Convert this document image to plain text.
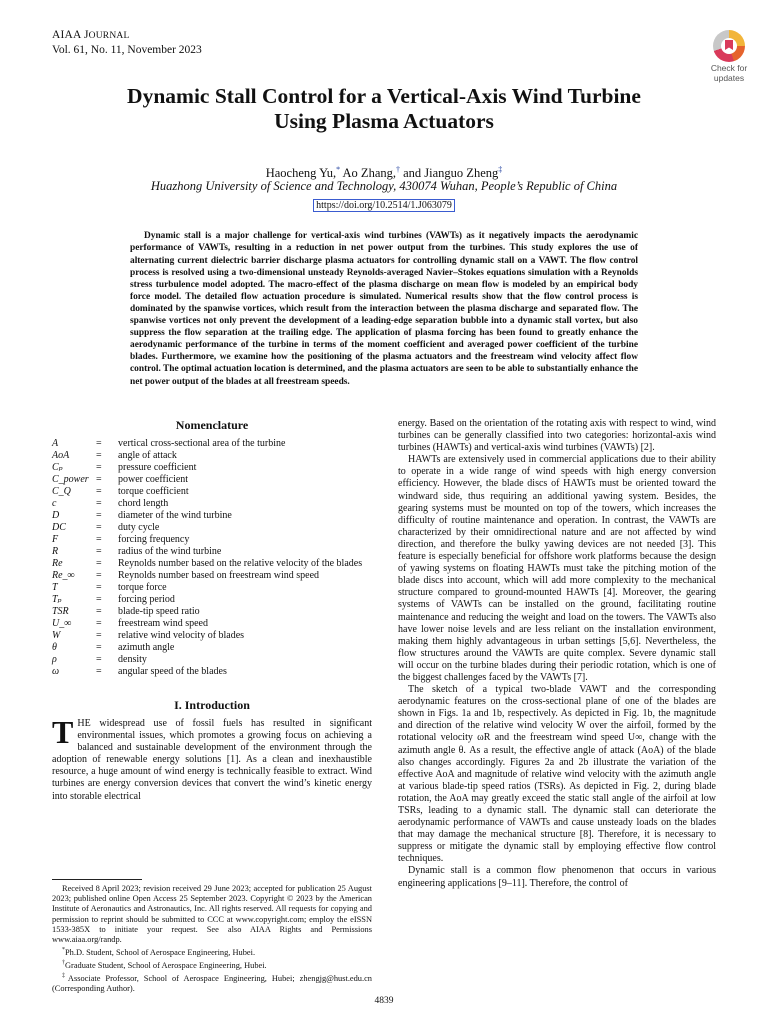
AIAA JOURNAL
Vol. 61, No. 11, November 2023
Check for
updates
Dynamic Stall Control for a Vertical-Axis Wind Turbine
Using Plasma Actuators
Haocheng Yu,* Ao Zhang,† and Jianguo Zheng‡
Huazhong University of Science and Technology, 430074 Wuhan, People’s Republic of China
https://doi.org/10.2514/1.J063079

Dynamic stall is a major challenge for vertical-axis wind turbines (VAWTs) as it negatively impacts the aerodynamic performance of VAWTs, resulting in a reduction in net power output from the turbines. This study explores the use of alternating current dielectric barrier discharge plasma actuators for controlling dynamic stall on a VAWT. The flow control process is resolved using a two-dimensional unsteady Reynolds-averaged Navier–Stokes equations simulation with a Reynolds stress turbulence model adopted. The macro-effect of the plasma discharge on mean flow is modeled by an empirical body force model. The detailed flow actuation procedure is simulated. Numerical results show that the flow control process is dominated by the spanwise vortices, which result from the interaction between the plasma discharge and separated flow. The spanwise vortices not only prevent the development of a leading-edge separation bubble into a dynamic stall vortex, but also suppress the flow separation at the trailing edge. The application of plasma forcing has been found to greatly enhance the aerodynamic performance of the turbine in terms of the moment coefficient and averaged power coefficient of the turbine blades. Furthermore, we examine how the positioning of the plasma actuators and the freestream wind velocity affect flow control. The optimal actuation location is determined, and the plasma actuators are seen to be able to substantially enhance the net power output of the blades at all freestream speeds.

Nomenclature
A	=	vertical cross-sectional area of the turbine
AoA	=	angle of attack
Cₚ	=	pressure coefficient
C_power =	power coefficient
C_Q	=	torque coefficient
c	=	chord length
D	=	diameter of the wind turbine
DC	=	duty cycle
F	=	forcing frequency
R	=	radius of the wind turbine
Re	=	Reynolds number based on the relative velocity of the blades
Re_∞	=	Reynolds number based on freestream wind speed
T	=	torque force
Tₚ	=	forcing period
TSR	=	blade-tip speed ratio
U_∞	=	freestream wind speed
W	=	relative wind velocity of blades
θ	=	azimuth angle
ρ	=	density
ω	=	angular speed of the blades
I. Introduction

THE widespread use of fossil fuels has resulted in significant environmental issues, which promotes a growing focus on achieving a balanced and sustainable development of the environment through the adoption of renewable energy solutions [1]. As a clean and inexhaustible resource, a huge amount of wind energy is technically feasible to extract. Wind turbines are energy conversion devices that convert the wind’s kinetic energy into storable electrical

Received 8 April 2023; revision received 29 June 2023; accepted for publication 25 August 2023; published online Open Access 25 September 2023. Copyright © 2023 by the American Institute of Aeronautics and Astronautics, Inc. All rights reserved. All requests for copying and permission to reprint should be submitted to CCC at www.copyright.com; employ the eISSN 1533-385X to initiate your request. See also AIAA Rights and Permissions www.aiaa.org/randp.

*Ph.D. Student, School of Aerospace Engineering, Hubei.

†Graduate Student, School of Aerospace Engineering, Hubei.

‡Associate Professor, School of Aerospace Engineering, Hubei; zhengjg@hust.edu.cn (Corresponding Author).

energy. Based on the orientation of the rotating axis with respect to wind, wind turbines can be generally classified into two categories: horizontal-axis wind turbines (HAWTs) and vertical-axis wind turbines (VAWTs) [2].

HAWTs are extensively used in commercial applications due to their ability to operate in a wide range of wind speeds with high energy conversion efficiency. However, the blade discs of HAWTs must be oriented toward the windward side, thus requiring an additional yawing system. Besides, the gearing systems must be mounted on top of the towers, which increases the difficulty of routine maintenance and operation. In contrast, the VAWTs are characterized by their omnidirectional nature and are not affected by wind direction, and therefore the bulky yawing devices are not needed [3]. This feature is especially beneficial for offshore work platforms because the design of yawing systems on floating HAWTs must take the pitching motion of the blade discs into account, which will add more complexity to the mechanical structure compared to ground-mounted HAWTs [4]. Moreover, the gearing systems of VAWTs can be installed on the ground, facilitating routine maintenance and reducing the weight and load on the towers. The VAWTs also have lower noise levels and are less reliant on the installation environment, making them highly advantageous in urban settings [5,6]. Nevertheless, the flow structures around the VAWTs are quite complex. Severe dynamic stall will occur on the turbine blades during their periodic rotation, which is one of the biggest challenges faced by the VAWTs [7].

The sketch of a typical two-blade VAWT and the corresponding aerodynamic features on the cross-sectional plane of one of the blades are shown in Figs. 1a and 1b, respectively. As depicted in Fig. 1b, the magnitude and direction of the relative wind velocity W over the airfoil, formed by the rotational velocity ωR and the freestream wind speed U∞, change with the azimuth angle θ. As a result, the effective angle of attack (AoA) of the blade also changes accordingly. Figures 2a and 2b illustrate the variation of the effective AoA and magnitude of relative wind velocity with the azimuth angle at various blade-tip speed ratios (TSRs). As depicted in Fig. 2, during blade rotation, the AoA may greatly exceed the static stall angle of the airfoil at low TSRs, leading to a dynamic stall. The dynamic stall can deteriorate the aerodynamic performance of VAWTs and cause unsteady loads on the blades that may damage the mechanical structure [8]. Therefore, it is necessary to suppress or mitigate the dynamic stall by employing effective flow control techniques.

Dynamic stall is a common flow phenomenon that occurs in various engineering applications [9–11]. Therefore, the control of

4839
